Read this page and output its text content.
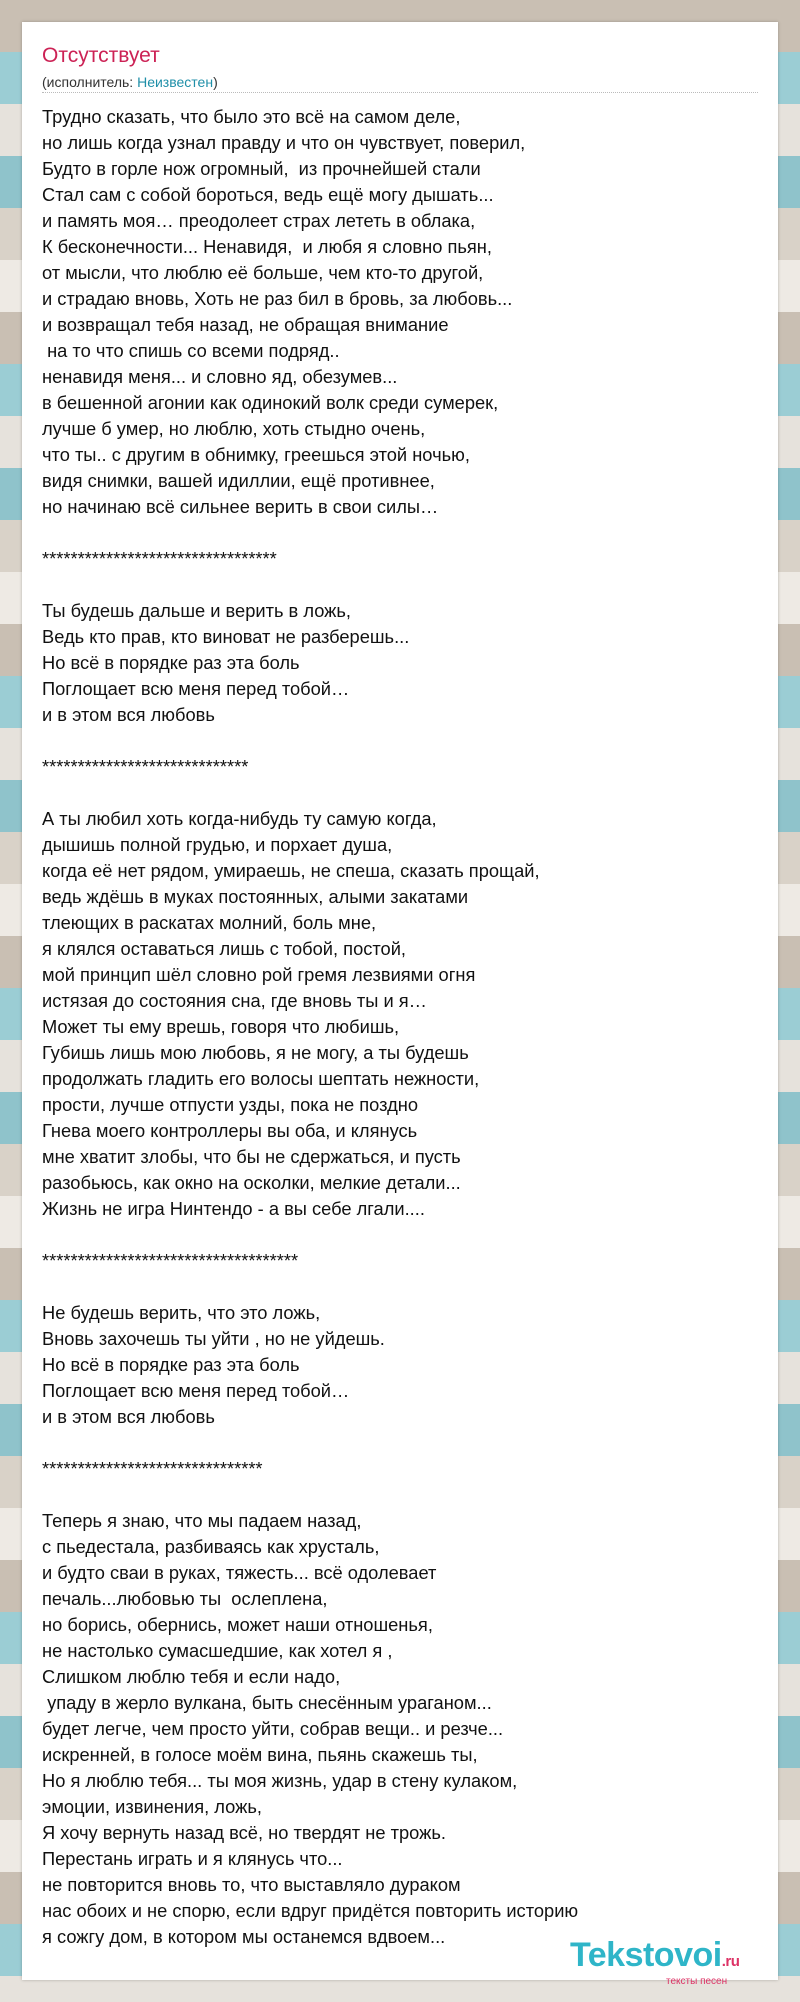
Отсутствует
(исполнитель: Неизвестен)
Трудно сказать, что было это всё на самом деле,
но лишь когда узнал правду и что он чувствует, поверил,
Будто в горле нож огромный,  из прочнейшей стали
Стал сам с собой бороться, ведь ещё могу дышать...
и память моя… преодолеет страх лететь в облака,
К бесконечности... Ненавидя,  и любя я словно пьян,
от мысли, что люблю её больше, чем кто-то другой,
и страдаю вновь, Хоть не раз бил в бровь, за любовь...
и возвращал тебя назад, не обращая внимание
на то что спишь со всеми подряд..
ненавидя меня... и словно яд, обезумев...
в бешенной агонии как одинокий волк среди сумерек,
лучше б умер, но люблю, хоть стыдно очень,
что ты.. с другим в обнимку, греешься этой ночью,
видя снимки, вашей идиллии, ещё противнее,
но начинаю всё сильнее верить в свои силы…

*********************************

Ты будешь дальше и верить в ложь,
Ведь кто прав, кто виноват не разберешь...
Но всё в порядке раз эта боль
Поглощает всю меня перед тобой…
и в этом вся любовь

*****************************

А ты любил хоть когда-нибудь ту самую когда,
дышишь полной грудью, и порхает душа,
когда её нет рядом, умираешь, не спеша, сказать прощай,
ведь ждёшь в муках постоянных, алыми закатами
тлеющих в раскатах молний, боль мне,
я клялся оставаться лишь с тобой, постой,
мой принцип шёл словно рой гремя лезвиями огня
истязая до состояния сна, где вновь ты и я…
Может ты ему врешь, говоря что любишь,
Губишь лишь мою любовь, я не могу, а ты будешь
продолжать гладить его волосы шептать нежности,
прости, лучше отпусти узды, пока не поздно
Гнева моего контроллеры вы оба, и клянусь
мне хватит злобы, что бы не сдержаться, и пусть
разобьюсь, как окно на осколки, мелкие детали...
Жизнь не игра Нинтендо - а вы себе лгали....

************************************

Не будешь верить, что это ложь,
Вновь захочешь ты уйти , но не уйдешь.
Но всё в порядке раз эта боль
Поглощает всю меня перед тобой…
и в этом вся любовь

*******************************

Теперь я знаю, что мы падаем назад,
с пьедестала, разбиваясь как хрусталь,
и будто сваи в руках, тяжесть... всё одолевает
печаль...любовью ты  ослеплена,
но борись, обернись, может наши отношенья,
не настолько сумасшедшие, как хотел я ,
Слишком люблю тебя и если надо,
упаду в жерло вулкана, быть снесённым ураганом...
будет легче, чем просто уйти, собрав вещи.. и резче...
искренней, в голосе моём вина, пьянь скажешь ты,
Но я люблю тебя... ты моя жизнь, удар в стену кулаком,
эмоции, извинения, ложь,
Я хочу вернуть назад всё, но твердят не трожь.
Перестань играть и я клянусь что...
не повторится вновь то, что выставляло дураком
нас обоих и не спорю, если вдруг придётся повторить историю
я сожгу дом, в котором мы останемся вдвоем...	Tekstovoi.ru
тексты песен
